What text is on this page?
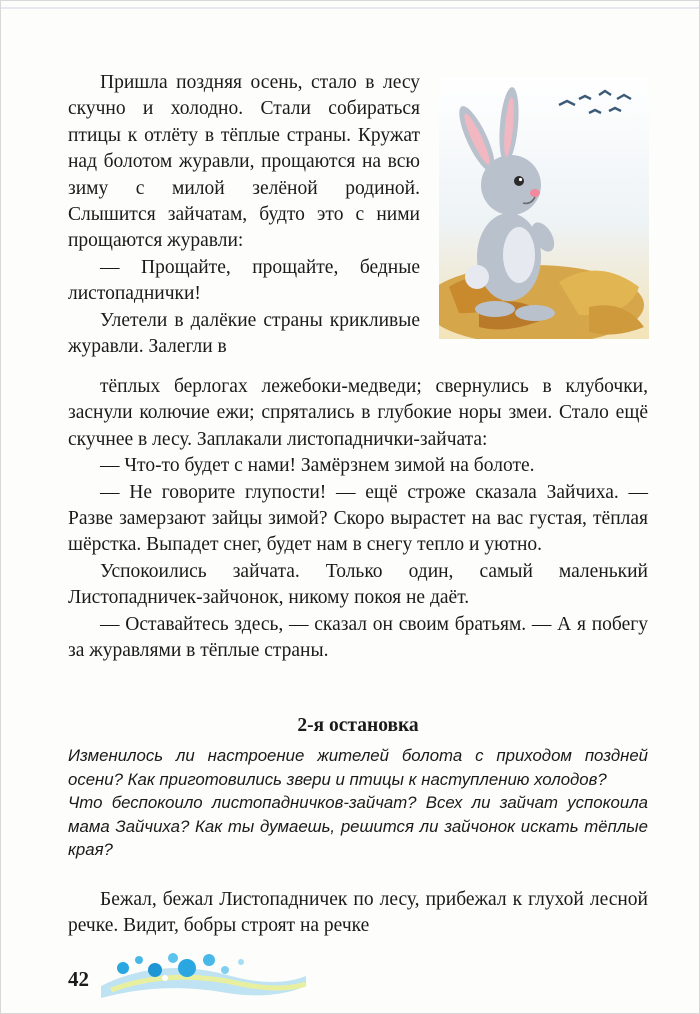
Пришла поздняя осень, стало в лесу скучно и холодно. Стали собираться птицы к отлёту в тёплые страны. Кружат над болотом журавли, прощаются на всю зиму с милой зелёной родиной. Слышится зайчатам, будто это с ними прощаются журавли:

— Прощайте, прощайте, бедные листопаднички!

Улетели в далёкие страны крикливые журавли. Залегли в

тёплых берлогах лежебоки-медведи; свернулись в клубочки, заснули колючие ежи; спрятались в глубокие норы змеи. Стало ещё скучнее в лесу. Заплакали листопаднички-зайчата:

— Что-то будет с нами! Замёрзнем зимой на болоте.

— Не говорите глупости! — ещё строже сказала Зайчиха. — Разве замерзают зайцы зимой? Скоро вырастет на вас густая, тёплая шёрстка. Выпадет снег, будет нам в снегу тепло и уютно.

Успокоились зайчата. Только один, самый маленький Листопадничек-зайчонок, никому покоя не даёт.

— Оставайтесь здесь, — сказал он своим братьям. — А я побегу за журавлями в тёплые страны.

2-я остановка

Изменилось ли настроение жителей болота с приходом поздней осени? Как приготовились звери и птицы к наступлению холодов?

Что беспокоило листопадничков-зайчат? Всех ли зайчат успокоила мама Зайчиха? Как ты думаешь, решится ли зайчонок искать тёплые края?

Бежал, бежал Листопадничек по лесу, прибежал к глухой лесной речке. Видит, бобры строят на речке

42
